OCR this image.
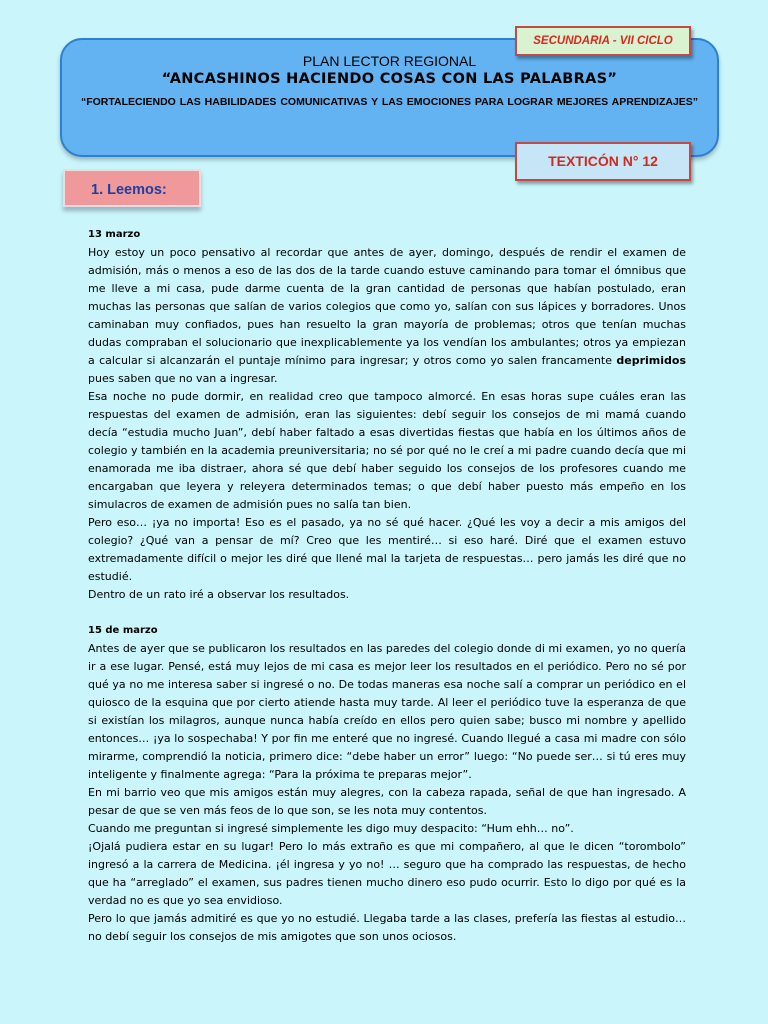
PLAN LECTOR REGIONAL
“ANCASHINOS HACIENDO COSAS CON LAS PALABRAS”
“FORTALECIENDO LAS HABILIDADES COMUNICATIVAS Y LAS EMOCIONES PARA LOGRAR MEJORES APRENDIZAJES”
SECUNDARIA - VII CICLO
TEXTICÓN N° 12
1. Leemos:

13 marzo

Hoy estoy un poco pensativo al recordar que antes de ayer, domingo, después de rendir el examen de admisión, más o menos a eso de las dos de la tarde cuando estuve caminando para tomar el ómnibus que me lleve a mi casa, pude darme cuenta de la gran cantidad de personas que habían postulado, eran muchas las personas que salían de varios colegios que como yo, salían con sus lápices y borradores. Unos caminaban muy confiados, pues han resuelto la gran mayoría de problemas; otros que tenían muchas dudas compraban el solucionario que inexplicablemente ya los vendían los ambulantes; otros ya empiezan a calcular si alcanzarán el puntaje mínimo para ingresar; y otros como yo salen francamente deprimidos pues saben que no van a ingresar.

Esa noche no pude dormir, en realidad creo que tampoco almorcé. En esas horas supe cuáles eran las respuestas del examen de admisión, eran las siguientes: debí seguir los consejos de mi mamá cuando decía “estudia mucho Juan”, debí haber faltado a esas divertidas fiestas que había en los últimos años de colegio y también en la academia preuniversitaria; no sé por qué no le creí a mi padre cuando decía que mi enamorada me iba distraer, ahora sé que debí haber seguido los consejos de los profesores cuando me encargaban que leyera y releyera determinados temas; o que debí haber puesto más empeño en los simulacros de examen de admisión pues no salía tan bien.

Pero eso… ¡ya no importa! Eso es el pasado, ya no sé qué hacer. ¿Qué les voy a decir a mis amigos del colegio? ¿Qué van a pensar de mí? Creo que les mentiré… si eso haré. Diré que el examen estuvo extremadamente difícil o mejor les diré que llené mal la tarjeta de respuestas… pero jamás les diré que no estudié.

Dentro de un rato iré a observar los resultados.

15 de marzo

Antes de ayer que se publicaron los resultados en las paredes del colegio donde di mi examen, yo no quería ir a ese lugar. Pensé, está muy lejos de mi casa es mejor leer los resultados en el periódico. Pero no sé por qué ya no me interesa saber si ingresé o no. De todas maneras esa noche salí a comprar un periódico en el quiosco de la esquina que por cierto atiende hasta muy tarde. Al leer el periódico tuve la esperanza de que si existían los milagros, aunque nunca había creído en ellos pero quien sabe; busco mi nombre y apellido entonces… ¡ya lo sospechaba! Y por fin me enteré que no ingresé. Cuando llegué a casa mi madre con sólo mirarme, comprendió la noticia, primero dice: “debe haber un error” luego: “No puede ser… si tú eres muy inteligente y finalmente agrega: “Para la próxima te preparas mejor”.

En mi barrio veo que mis amigos están muy alegres, con la cabeza rapada, señal de que han ingresado. A pesar de que se ven más feos de lo que son, se les nota muy contentos.

Cuando me preguntan si ingresé simplemente les digo muy despacito: “Hum ehh… no”.

¡Ojalá pudiera estar en su lugar! Pero lo más extraño es que mi compañero, al que le dicen “torombolo” ingresó a la carrera de Medicina. ¡él ingresa y yo no! … seguro que ha comprado las respuestas, de hecho que ha “arreglado” el examen, sus padres tienen mucho dinero eso pudo ocurrir. Esto lo digo por qué es la verdad no es que yo sea envidioso.

Pero lo que jamás admitiré es que yo no estudié. Llegaba tarde a las clases, prefería las fiestas al estudio… no debí seguir los consejos de mis amigotes que son unos ociosos.
